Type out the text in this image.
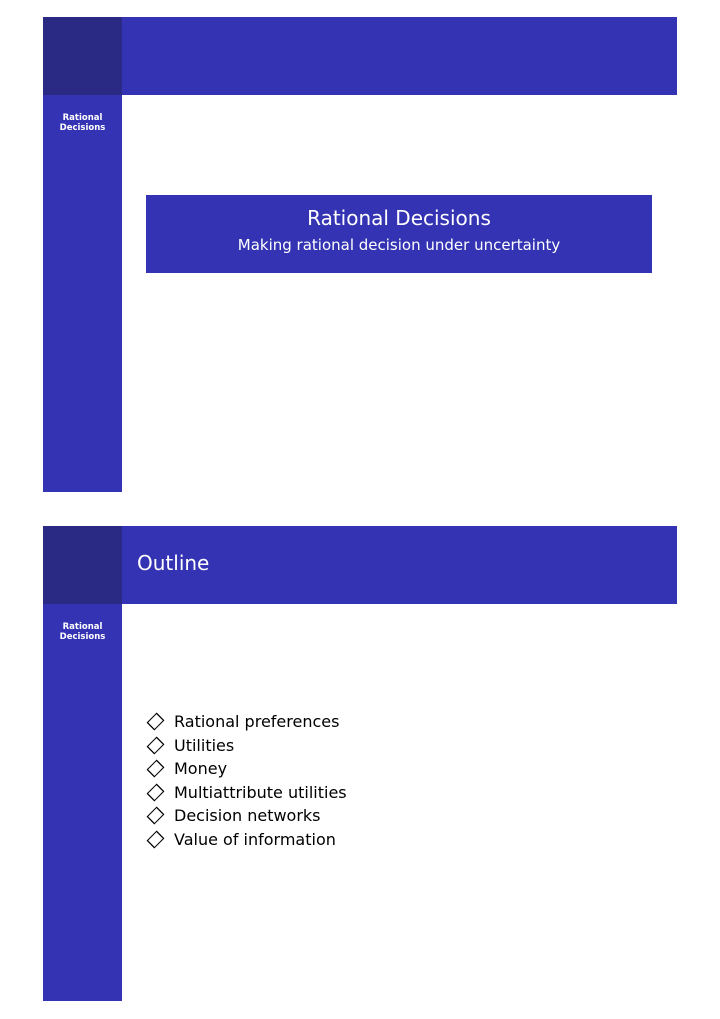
Rational
Decisions
Rational Decisions
Making rational decision under uncertainty
Rational
Decisions
Outline
Rational preferences
Utilities
Money
Multiattribute utilities
Decision networks
Value of information
